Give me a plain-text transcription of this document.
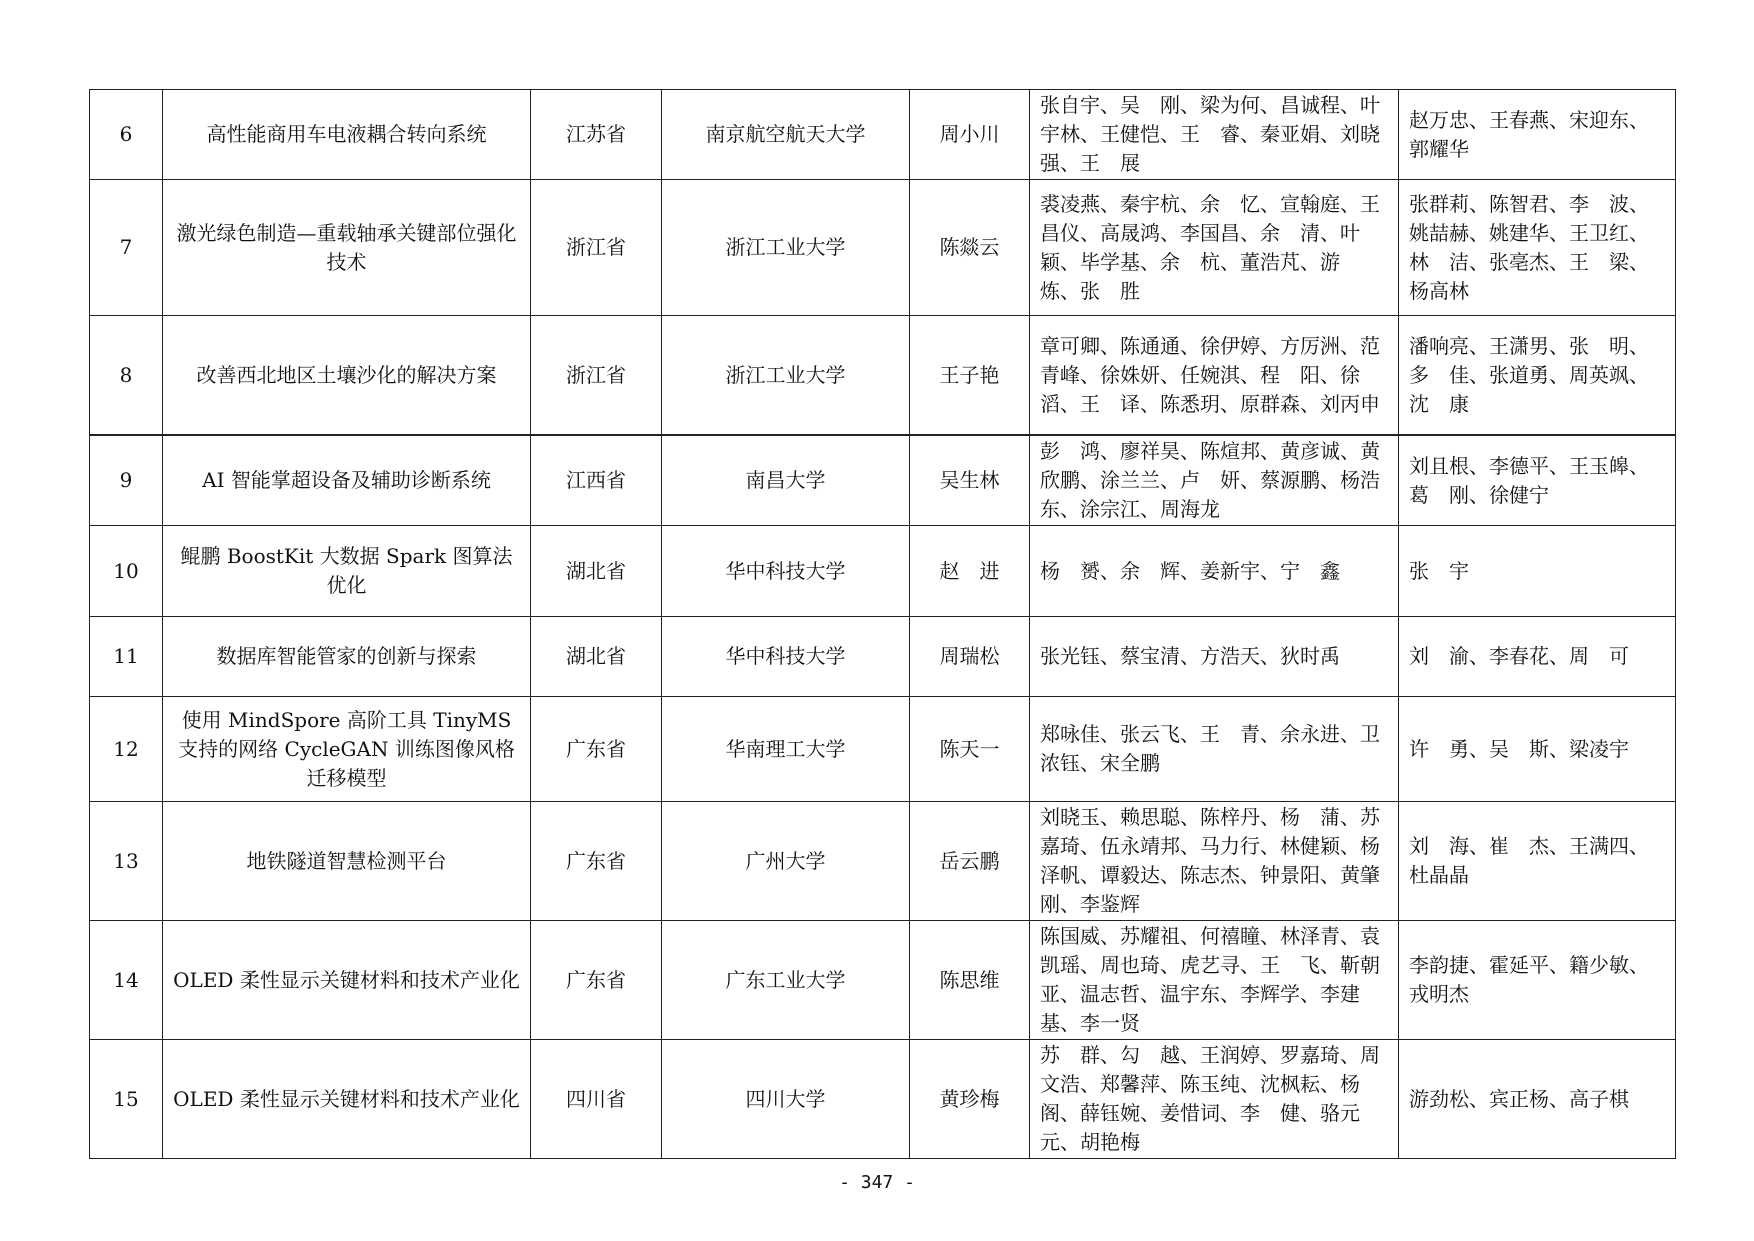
6	高性能商用车电液耦合转向系统	江苏省	南京航空航天大学	周小川	张自宇、吴　刚、梁为何、昌诚程、叶宇林、王健恺、王　睿、秦亚娟、刘晓强、王　展	赵万忠、王春燕、宋迎东、郭耀华
7	激光绿色制造—重载轴承关键部位强化技术	浙江省	浙江工业大学	陈燚云	裘凌燕、秦宇杭、余　忆、宣翰庭、王昌仪、高晟鸿、李国昌、余　清、叶　颖、毕学基、余　杭、董浩芃、游　炼、张　胜	张群莉、陈智君、李　波、姚喆赫、姚建华、王卫红、林　洁、张亳杰、王　梁、杨高林
8	改善西北地区土壤沙化的解决方案	浙江省	浙江工业大学	王子艳	章可卿、陈通通、徐伊婷、方厉洲、范青峰、徐姝妍、任婉淇、程　阳、徐　滔、王　译、陈悉玥、原群森、刘丙申	潘响亮、王潇男、张　明、多　佳、张道勇、周英飒、沈　康
9	AI 智能掌超设备及辅助诊断系统	江西省	南昌大学	吴生林	彭　鸿、廖祥昊、陈煊邦、黄彦诚、黄欣鹏、涂兰兰、卢　妍、蔡源鹏、杨浩东、涂宗江、周海龙	刘且根、李德平、王玉皞、葛　刚、徐健宁
10	鲲鹏 BoostKit 大数据 Spark 图算法优化	湖北省	华中科技大学	赵　进	杨　赟、余　辉、姜新宇、宁　鑫	张　宇
11	数据库智能管家的创新与探索	湖北省	华中科技大学	周瑞松	张光钰、蔡宝清、方浩天、狄时禹	刘　渝、李春花、周　可
12	使用 MindSpore 高阶工具 TinyMS 支持的网络 CycleGAN 训练图像风格迁移模型	广东省	华南理工大学	陈天一	郑咏佳、张云飞、王　青、余永进、卫浓钰、宋全鹏	许　勇、吴　斯、梁凌宇
13	地铁隧道智慧检测平台	广东省	广州大学	岳云鹏	刘晓玉、赖思聪、陈梓丹、杨　蒲、苏嘉琦、伍永靖邦、马力行、林健颖、杨泽帆、谭毅达、陈志杰、钟景阳、黄肇刚、李鉴辉	刘　海、崔　杰、王满四、杜晶晶
14	OLED 柔性显示关键材料和技术产业化	广东省	广东工业大学	陈思维	陈国威、苏耀祖、何禧瞳、林泽青、袁凯瑶、周也琦、虎艺寻、王　飞、靳朝亚、温志哲、温宇东、李辉学、李建基、李一贤	李韵捷、霍延平、籍少敏、戎明杰
15	OLED 柔性显示关键材料和技术产业化	四川省	四川大学	黄珍梅	苏　群、勾　越、王润婷、罗嘉琦、周文浩、郑馨萍、陈玉纯、沈枫耘、杨　阁、薛钰婉、姜惜词、李　健、骆元元、胡艳梅	游劲松、宾正杨、高子棋
- 347 -
